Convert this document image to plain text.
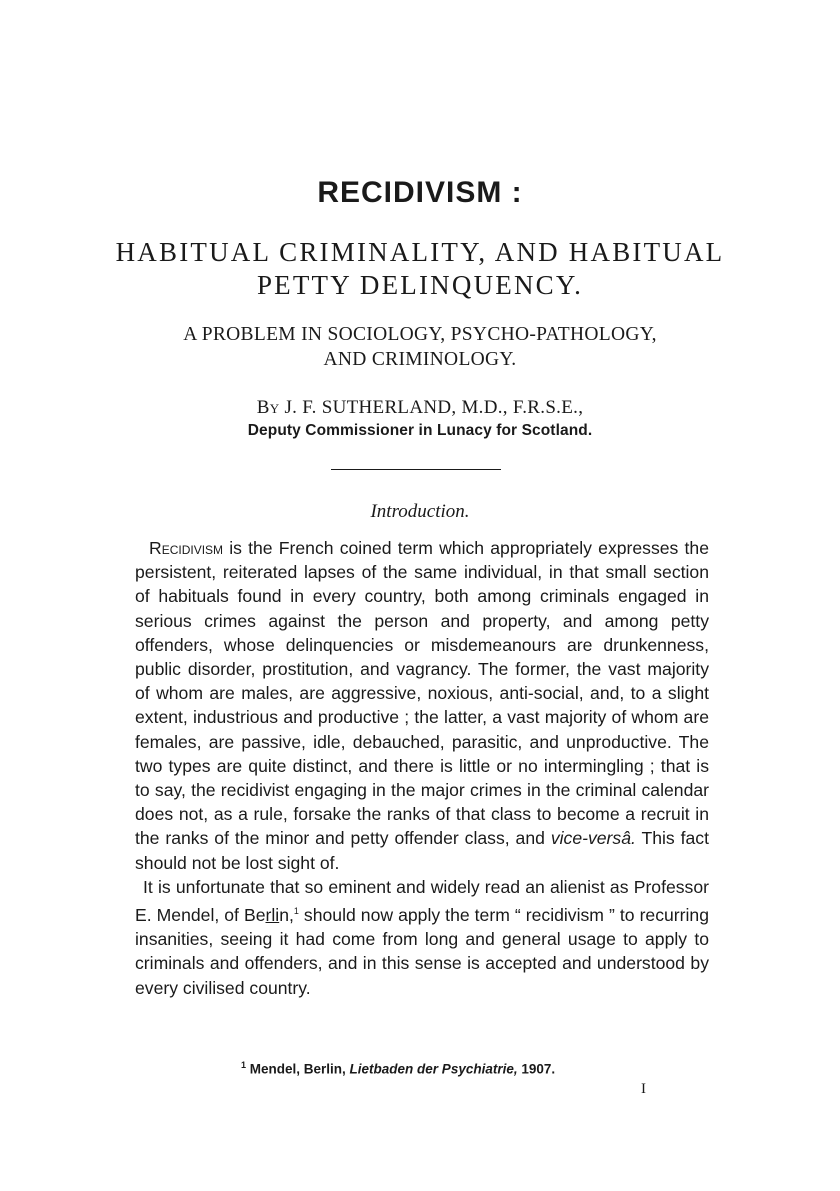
RECIDIVISM :
HABITUAL CRIMINALITY, AND HABITUAL
PETTY DELINQUENCY.
A PROBLEM IN SOCIOLOGY, PSYCHO-PATHOLOGY,
AND CRIMINOLOGY.
By J. F. SUTHERLAND, M.D., F.R.S.E.,
Deputy Commissioner in Lunacy for Scotland.
Introduction.

Recidivism is the French coined term which appropriately expresses the persistent, reiterated lapses of the same individual, in that small section of habituals found in every country, both among criminals engaged in serious crimes against the person and property, and among petty offenders, whose delinquencies or misdemeanours are drunkenness, public disorder, prostitution, and vagrancy. The former, the vast majority of whom are males, are aggressive, noxious, anti-social, and, to a slight extent, industrious and productive ; the latter, a vast majority of whom are females, are passive, idle, debauched, parasitic, and unproductive. The two types are quite distinct, and there is little or no intermingling ; that is to say, the recidivist engaging in the major crimes in the criminal calendar does not, as a rule, forsake the ranks of that class to become a recruit in the ranks of the minor and petty offender class, and vice-versâ. This fact should not be lost sight of.

It is unfortunate that so eminent and widely read an alienist as Professor E. Mendel, of Berlin,$^1$ should now apply the term “ recidivism ” to recurring insanities, seeing it had come from long and general usage to apply to criminals and offenders, and in this sense is accepted and understood by every civilised country.

$^1$ Mendel, Berlin, Lietbaden der Psychiatrie, 1907.
I
